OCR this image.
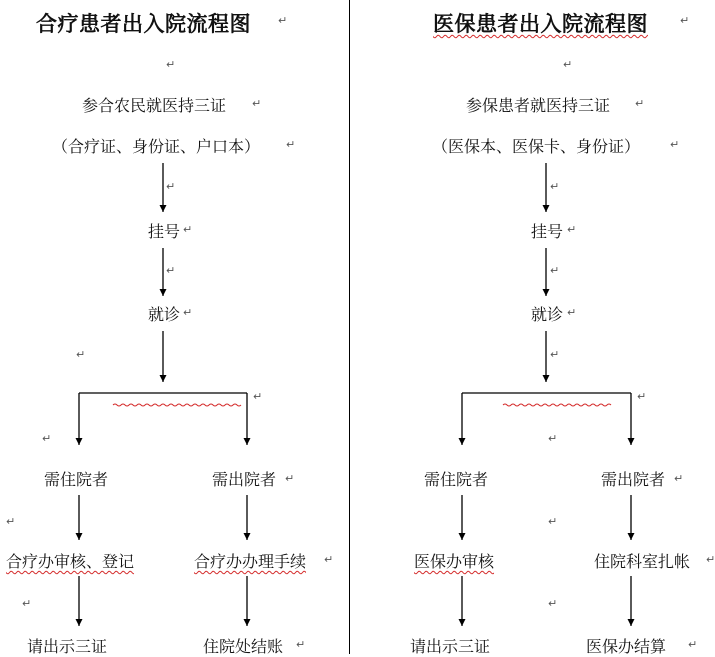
合疗患者出入院流程图
参合农民就医持三证
（合疗证、身份证、户口本）
挂号
就诊
需住院者	需出院者
合疗办审核、登记	合疗办办理手续
请出示三证	住院处结账
医保患者出入院流程图
参保患者就医持三证
（医保本、医保卡、身份证）
挂号
就诊
需住院者	需出院者
医保办审核	住院科室扎帐
请出示三证	医保办结算
↵	↵
↵	↵
↵	↵
↵	↵
↵	↵
↵	↵
↵	↵
↵	↵
↵	↵
↵	↵
↵	↵
↵	↵
↵	↵
↵	↵
↵	↵
↵	↵
